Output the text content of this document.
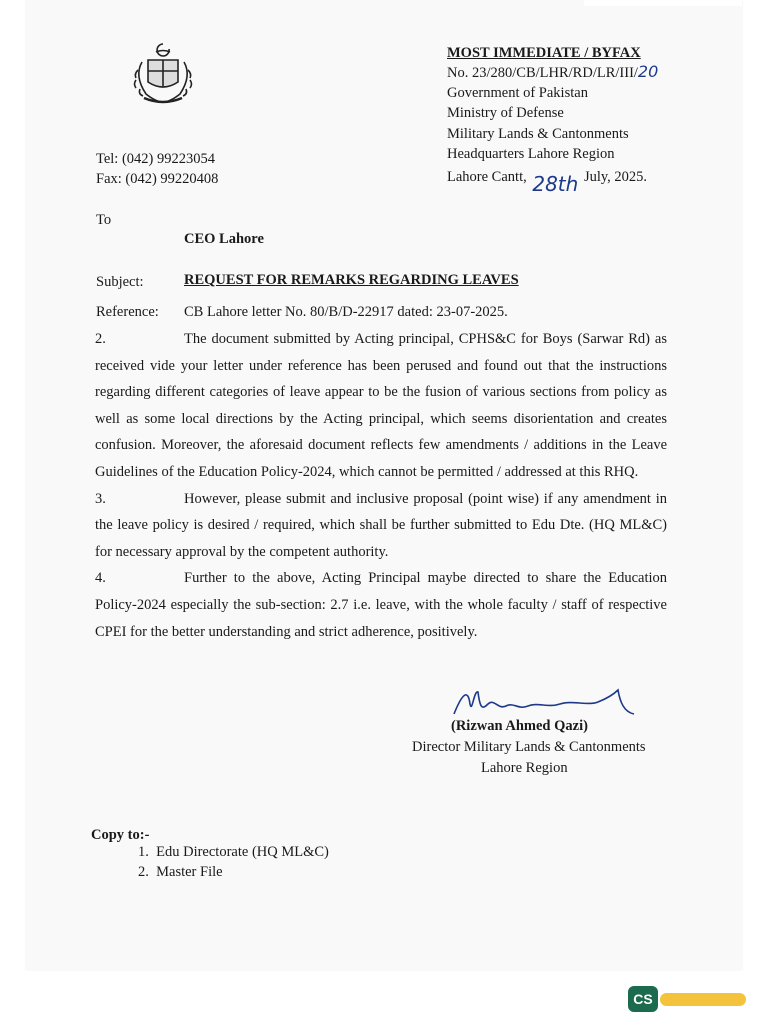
MOST IMMEDIATE / BYFAX
No. 23/280/CB/LHR/RD/LR/III/20
Government of Pakistan
Ministry of Defense
Military Lands & Cantonments
Headquarters Lahore Region
Lahore Cantt, 28th July, 2025.
Tel: (042) 99223054
Fax: (042) 99220408
To
CEO Lahore
Subject:	REQUEST FOR REMARKS REGARDING LEAVES
Reference: CB Lahore letter No. 80/B/D-22917 dated: 23-07-2025.
2.	The document submitted by Acting principal, CPHS&C for Boys (Sarwar Rd) as received vide your letter under reference has been perused and found out that the instructions regarding different categories of leave appear to be the fusion of various sections from policy as well as some local directions by the Acting principal, which seems disorientation and creates confusion. Moreover, the aforesaid document reflects few amendments / additions in the Leave Guidelines of the Education Policy-2024, which cannot be permitted / addressed at this RHQ.
3.	However, please submit and inclusive proposal (point wise) if any amendment in the leave policy is desired / required, which shall be further submitted to Edu Dte. (HQ ML&C) for necessary approval by the competent authority.
4.	Further to the above, Acting Principal maybe directed to share the Education Policy-2024 especially the sub-section: 2.7 i.e. leave, with the whole faculty / staff of respective CPEI for the better understanding and strict adherence, positively.
(Rizwan Ahmed Qazi)
Director Military Lands & Cantonments
Lahore Region
Copy to:-
1.  Edu Directorate (HQ ML&C)
2.  Master File
CS
